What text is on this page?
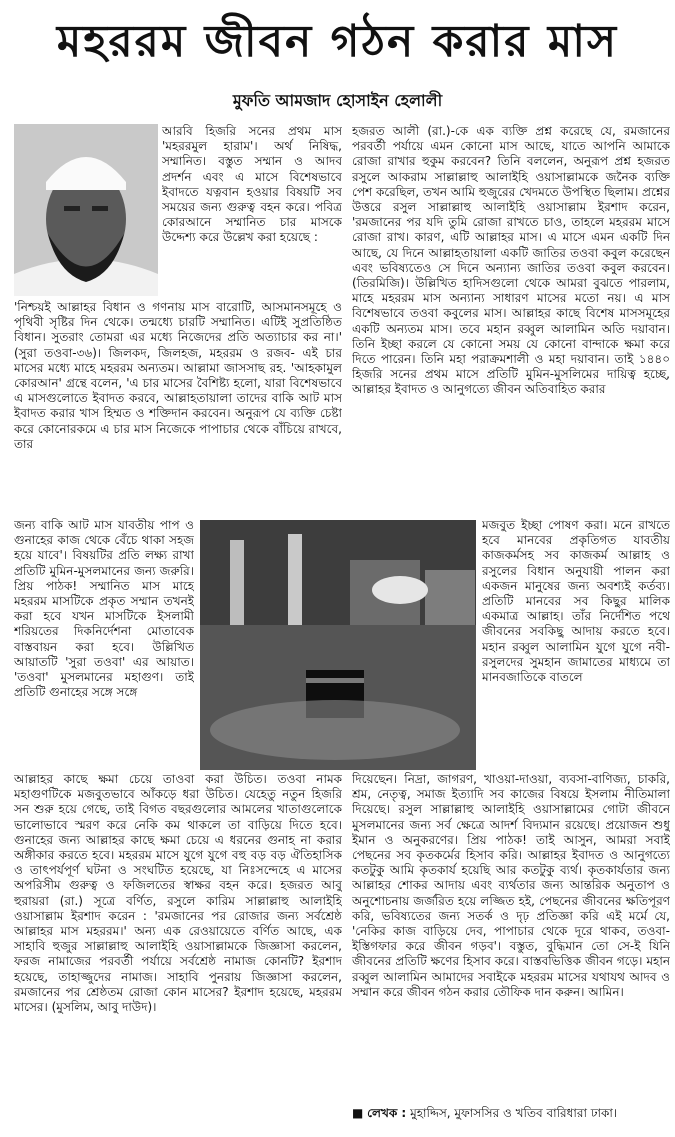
মহররম জীবন গঠন করার মাস
মুফতি আমজাদ হোসাইন হেলালী

আরবি হিজরি সনের প্রথম মাস 'মহররমুল হারাম'। অর্থ নিষিদ্ধ, সম্মানিত। বস্তুত সম্মান ও আদব প্রদর্শন এবং এ মাসে বিশেষভাবে ইবাদতে যত্নবান হওয়ার বিষয়টি সব সময়ের জন্য গুরুত্ব বহন করে। পবিত্র কোরআনে সম্মানিত চার মাসকে উদ্দেশ্য করে উল্লেখ করা হয়েছে :

'নিশ্চয়ই আল্লাহর বিধান ও গণনায় মাস বারোটি, আসমানসমূহে ও পৃথিবী সৃষ্টির দিন থেকে। তন্মধ্যে চারটি সম্মানিত। এটিই সুপ্রতিষ্ঠিত বিধান। সুতরাং তোমরা এর মধ্যে নিজেদের প্রতি অত্যাচার কর না।' (সুরা তওবা-৩৬)। জিলকদ, জিলহজ, মহররম ও রজব- এই চার মাসের মধ্যে মাহে মহররম অন্যতম। আল্লামা জাসসাছ রহ. 'আহকামুল কোরআন' গ্রন্থে বলেন, 'এ চার মাসের বৈশিষ্ট্য হলো, যারা বিশেষভাবে এ মাসগুলোতে ইবাদত করবে, আল্লাহতায়ালা তাদের বাকি আট মাস ইবাদত করার খাস হিম্মত ও শক্তিদান করবেন। অনুরূপ যে ব্যক্তি চেষ্টা করে কোনোরকমে এ চার মাস নিজেকে পাপাচার থেকে বাঁচিয়ে রাখবে, তার

জন্য বাকি আট মাস যাবতীয় পাপ ও গুনাহের কাজ থেকে বেঁচে থাকা সহজ হয়ে যাবে'। বিষয়টির প্রতি লক্ষ্য রাখা প্রতিটি মুমিন-মুসলমানের জন্য জরুরি। প্রিয় পাঠক! সম্মানিত মাস মাহে মহররম মাসটিকে প্রকৃত সম্মান তখনই করা হবে যখন মাসটিকে ইসলামী শরিয়তের দিকনির্দেশনা মোতাবেক বাস্তবায়ন করা হবে। উল্লিখিত আয়াতটি 'সুরা তওবা' এর আয়াত। 'তওবা' মুসলমানের মহাগুণ। তাই প্রতিটি গুনাহের সঙ্গে সঙ্গে

আল্লাহর কাছে ক্ষমা চেয়ে তাওবা করা উচিত। তওবা নামক মহাগুণটিকে মজবুতভাবে আঁকড়ে ধরা উচিত। যেহেতু নতুন হিজরি সন শুরু হয়ে গেছে, তাই বিগত বছরগুলোর আমলের খাতাগুলোকে ভালোভাবে স্মরণ করে নেকি কম থাকলে তা বাড়িয়ে দিতে হবে। গুনাহের জন্য আল্লাহর কাছে ক্ষমা চেয়ে এ ধরনের গুনাহ না করার অঙ্গীকার করতে হবে। মহররম মাসে যুগে যুগে বহু বড় বড় ঐতিহাসিক ও তাৎপর্যপূর্ণ ঘটনা ও সংঘটিত হয়েছে, যা নিঃসন্দেহে এ মাসের অপরিসীম গুরুত্ব ও ফজিলতের স্বাক্ষর বহন করে। হজরত আবু হুরায়রা (রা.) সূত্রে বর্ণিত, রসুলে কারিম সাল্লাল্লাহু আলাইহি ওয়াসাল্লাম ইরশাদ করেন : 'রমজানের পর রোজার জন্য সর্বশ্রেষ্ঠ আল্লাহর মাস মহররম।' অন্য এক রেওয়ায়েতে বর্ণিত আছে, এক সাহাবি হুজুর সাল্লাল্লাহু আলাইহি ওয়াসাল্লামকে জিজ্ঞাসা করলেন, ফরজ নামাজের পরবর্তী পর্যায়ে সর্বশ্রেষ্ঠ নামাজ কোনটি? ইরশাদ হয়েছে, তাহাজ্জুদের নামাজ। সাহাবি পুনরায় জিজ্ঞাসা করলেন, রমজানের পর শ্রেষ্ঠতম রোজা কোন মাসের? ইরশাদ হয়েছে, মহররম মাসের। (মুসলিম, আবু দাউদ)।

হজরত আলী (রা.)-কে এক ব্যক্তি প্রশ্ন করেছে যে, রমজানের পরবর্তী পর্যায়ে এমন কোনো মাস আছে, যাতে আপনি আমাকে রোজা রাখার হুকুম করবেন? তিনি বললেন, অনুরূপ প্রশ্ন হজরত রসুলে আকরাম সাল্লাল্লাহু আলাইহি ওয়াসাল্লামকে জনৈক ব্যক্তি পেশ করেছিল, তখন আমি হুজুরের খেদমতে উপস্থিত ছিলাম। প্রশ্নের উত্তরে রসুল সাল্লাল্লাহু আলাইহি ওয়াসাল্লাম ইরশাদ করেন, 'রমজানের পর যদি তুমি রোজা রাখতে চাও, তাহলে মহররম মাসে রোজা রাখ। কারণ, এটি আল্লাহর মাস। এ মাসে এমন একটি দিন আছে, যে দিনে আল্লাহতায়ালা একটি জাতির তওবা কবুল করেছেন এবং ভবিষ্যতেও সে দিনে অন্যান্য জাতির তওবা কবুল করবেন। (তিরমিজি)। উল্লিখিত হাদিসগুলো থেকে আমরা বুঝতে পারলাম, মাহে মহররম মাস অন্যান্য সাধারণ মাসের মতো নয়। এ মাস বিশেষভাবে তওবা কবুলের মাস। আল্লাহর কাছে বিশেষ মাসসমূহের একটি অন্যতম মাস। তবে মহান রব্বুল আলামিন অতি দয়াবান। তিনি ইচ্ছা করলে যে কোনো সময় যে কোনো বান্দাকে ক্ষমা করে দিতে পারেন। তিনি মহা পরাক্রমশালী ও মহা দয়াবান। তাই ১৪৪০ হিজরি সনের প্রথম মাসে প্রতিটি মুমিন-মুসলিমের দায়িত্ব হচ্ছে, আল্লাহর ইবাদত ও আনুগত্যে জীবন অতিবাহিত করার

মজবুত ইচ্ছা পোষণ করা। মনে রাখতে হবে মানবের প্রকৃতিগত যাবতীয় কাজকর্মসহ সব কাজকর্ম আল্লাহ ও রসুলের বিধান অনুযায়ী পালন করা একজন মানুষের জন্য অবশ্যই কর্তব্য। প্রতিটি মানবের সব কিছুর মালিক একমাত্র আল্লাহ। তাঁর নির্দেশিত পথে জীবনের সবকিছু আদায় করতে হবে। মহান রব্বুল আলামিন যুগে যুগে নবী-রসুলদের সুমহান জামাতের মাধ্যমে তা মানবজাতিকে বাতলে

দিয়েছেন। নিদ্রা, জাগরণ, খাওয়া-দাওয়া, ব্যবসা-বাণিজ্য, চাকরি, শ্রম, নেতৃত্ব, সমাজ ইত্যাদি সব কাজের বিষয়ে ইসলাম নীতিমালা দিয়েছে। রসুল সাল্লাল্লাহু আলাইহি ওয়াসাল্লামের গোটা জীবনে মুসলমানের জন্য সর্ব ক্ষেত্রে আদর্শ বিদ্যমান রয়েছে। প্রয়োজন শুধু ইমান ও অনুকরণের। প্রিয় পাঠক! তাই আসুন, আমরা সবাই পেছনের সব কৃতকর্মের হিসাব করি। আল্লাহর ইবাদত ও আনুগত্যে কতটুকু আমি কৃতকার্য হয়েছি আর কতটুকু ব্যর্থ। কৃতকার্যতার জন্য আল্লাহর শোকর আদায় এবং ব্যর্থতার জন্য আন্তরিক অনুতাপ ও অনুশোচনায় জর্জরিত হয়ে লজ্জিত হই, পেছনের জীবনের ক্ষতিপূরণ করি, ভবিষ্যতের জন্য সতর্ক ও দৃঢ় প্রতিজ্ঞা করি এই মর্মে যে, 'নেকির কাজ বাড়িয়ে দেব, পাপাচার থেকে দূরে থাকব, তওবা-ইস্তিগফার করে জীবন গড়ব'। বস্তুত, বুদ্ধিমান তো সে-ই যিনি জীবনের প্রতিটি ক্ষণের হিসাব করে। বাস্তবভিত্তিক জীবন গড়ে। মহান রব্বুল আলামিন আমাদের সবাইকে মহররম মাসের যথাযথ আদব ও সম্মান করে জীবন গঠন করার তৌফিক দান করুন। আমিন।

■ লেখক : মুহাদ্দিস, মুফাসসির ও খতিব বারিধারা ঢাকা।
